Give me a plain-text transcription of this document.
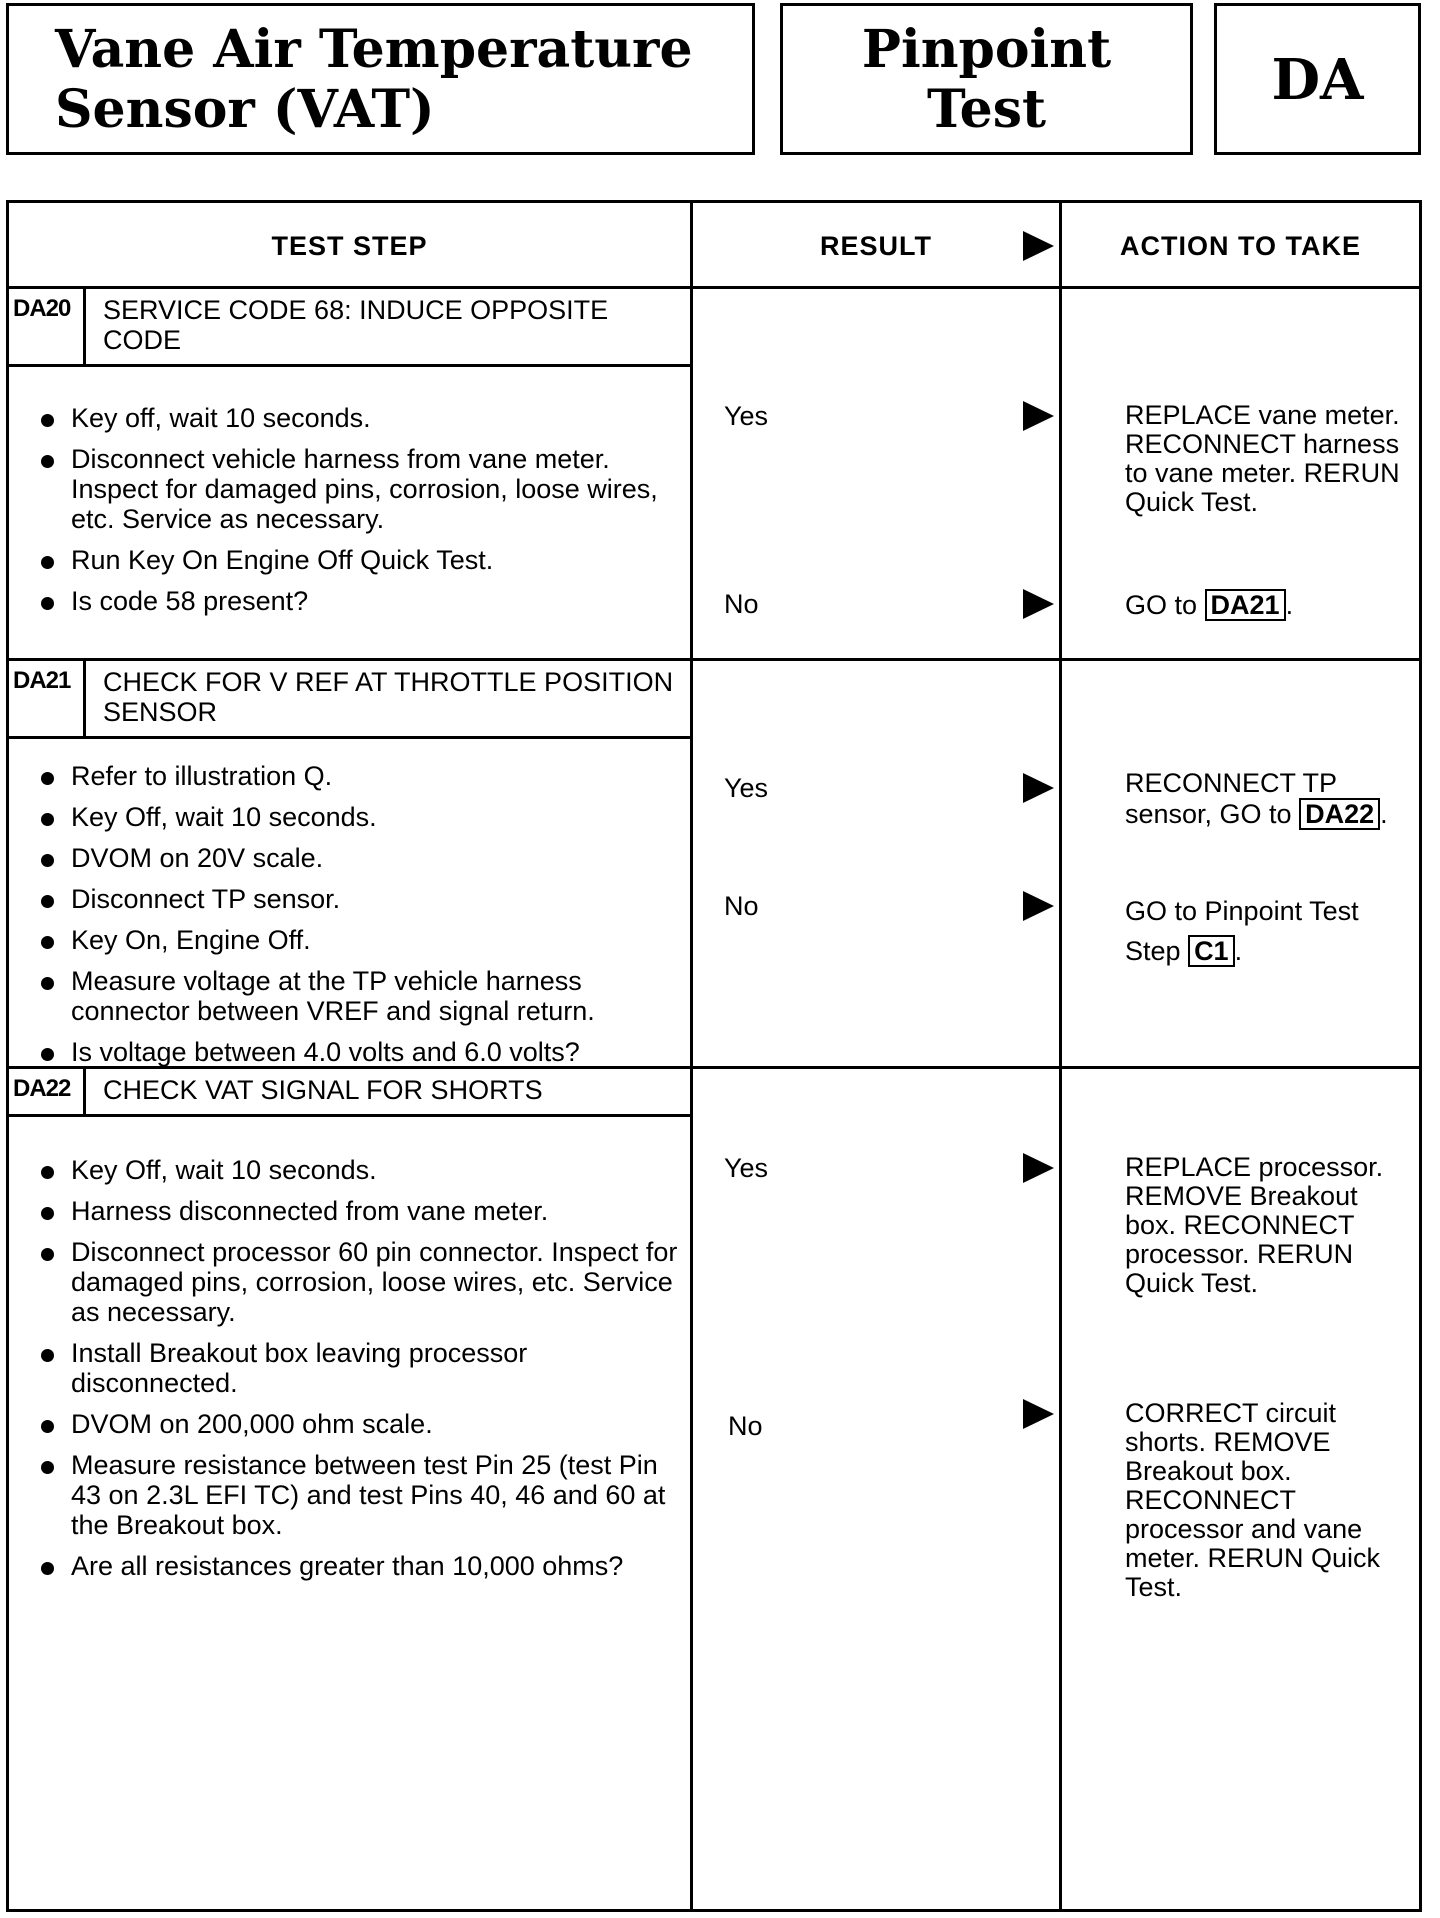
Vane Air Temperature
Sensor (VAT)
Pinpoint
Test	DA
TEST STEP	RESULT	ACTION TO TAKE
DA20	SERVICE CODE 68: INDUCE OPPOSITE CODE
Key off, wait 10 seconds.
Disconnect vehicle harness from vane meter. Inspect for damaged pins, corrosion, loose wires, etc. Service as necessary.
Run Key On Engine Off Quick Test.
Is code 58 present?
Yes	REPLACE vane meter. RECONNECT harness to vane meter. RERUN Quick Test.
No	GO to DA21 .
DA21	CHECK FOR V REF AT THROTTLE POSITION SENSOR
Refer to illustration Q.
Key Off, wait 10 seconds.
DVOM on 20V scale.
Disconnect TP sensor.
Key On, Engine Off.
Measure voltage at the TP vehicle harness connector between VREF and signal return.
Is voltage between 4.0 volts and 6.0 volts?
Yes	RECONNECT TP sensor, GO to DA22 .
No	GO to Pinpoint Test Step C1 .
DA22	CHECK VAT SIGNAL FOR SHORTS
Key Off, wait 10 seconds.
Harness disconnected from vane meter.
Disconnect processor 60 pin connector. Inspect for damaged pins, corrosion, loose wires, etc. Service as necessary.
Install Breakout box leaving processor disconnected.
DVOM on 200,000 ohm scale.
Measure resistance between test Pin 25 (test Pin 43 on 2.3L EFI TC) and test Pins 40, 46 and 60 at the Breakout box.
Are all resistances greater than 10,000 ohms?
Yes	REPLACE processor. REMOVE Breakout box. RECONNECT processor. RERUN Quick Test.
No	CORRECT circuit shorts. REMOVE Breakout box. RECONNECT processor and vane meter. RERUN Quick Test.
